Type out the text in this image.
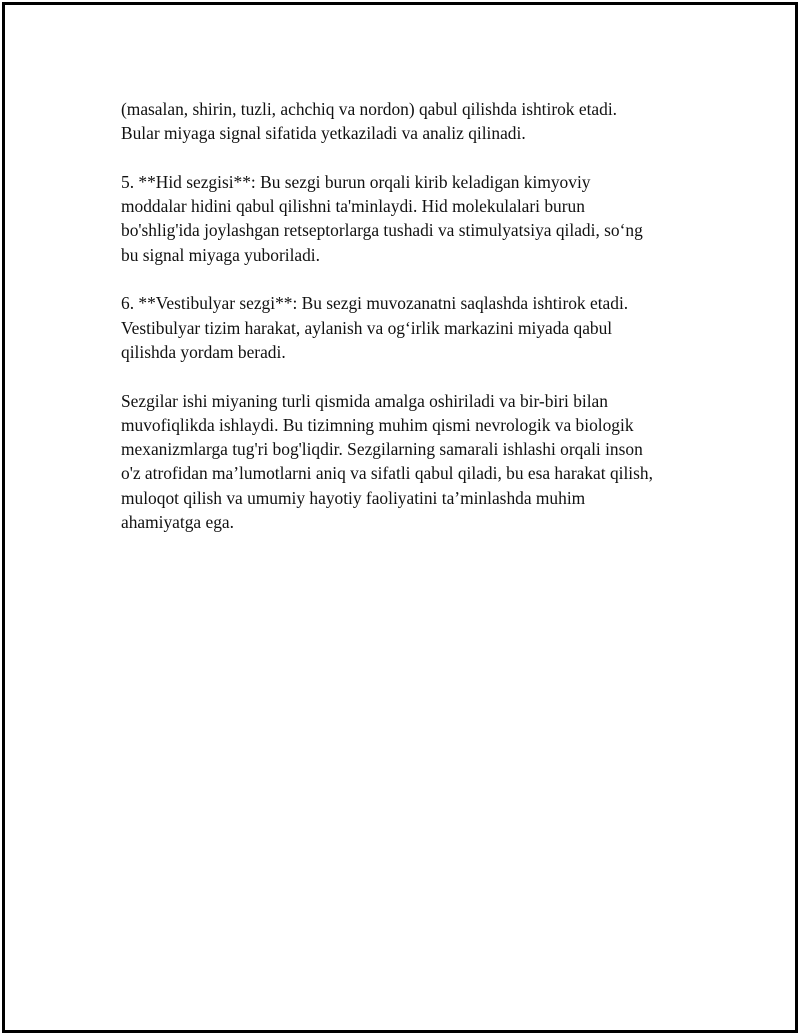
(masalan, shirin, tuzli, achchiq va nordon) qabul qilishda ishtirok etadi.
Bular miyaga signal sifatida yetkaziladi va analiz qilinadi.

5. **Hid sezgisi**: Bu sezgi burun orqali kirib keladigan kimyoviy
moddalar hidini qabul qilishni ta'minlaydi. Hid molekulalari burun
bo'shlig'ida joylashgan retseptorlarga tushadi va stimulyatsiya qiladi, so‘ng
bu signal miyaga yuboriladi.

6. **Vestibulyar sezgi**: Bu sezgi muvozanatni saqlashda ishtirok etadi.
Vestibulyar tizim harakat, aylanish va og‘irlik markazini miyada qabul
qilishda yordam beradi.

Sezgilar ishi miyaning turli qismida amalga oshiriladi va bir-biri bilan
muvofiqlikda ishlaydi. Bu tizimning muhim qismi nevrologik va biologik
mexanizmlarga tug'ri bog'liqdir. Sezgilarning samarali ishlashi orqali inson
o'z atrofidan ma’lumotlarni aniq va sifatli qabul qiladi, bu esa harakat qilish,
muloqot qilish va umumiy hayotiy faoliyatini ta’minlashda muhim
ahamiyatga ega.
